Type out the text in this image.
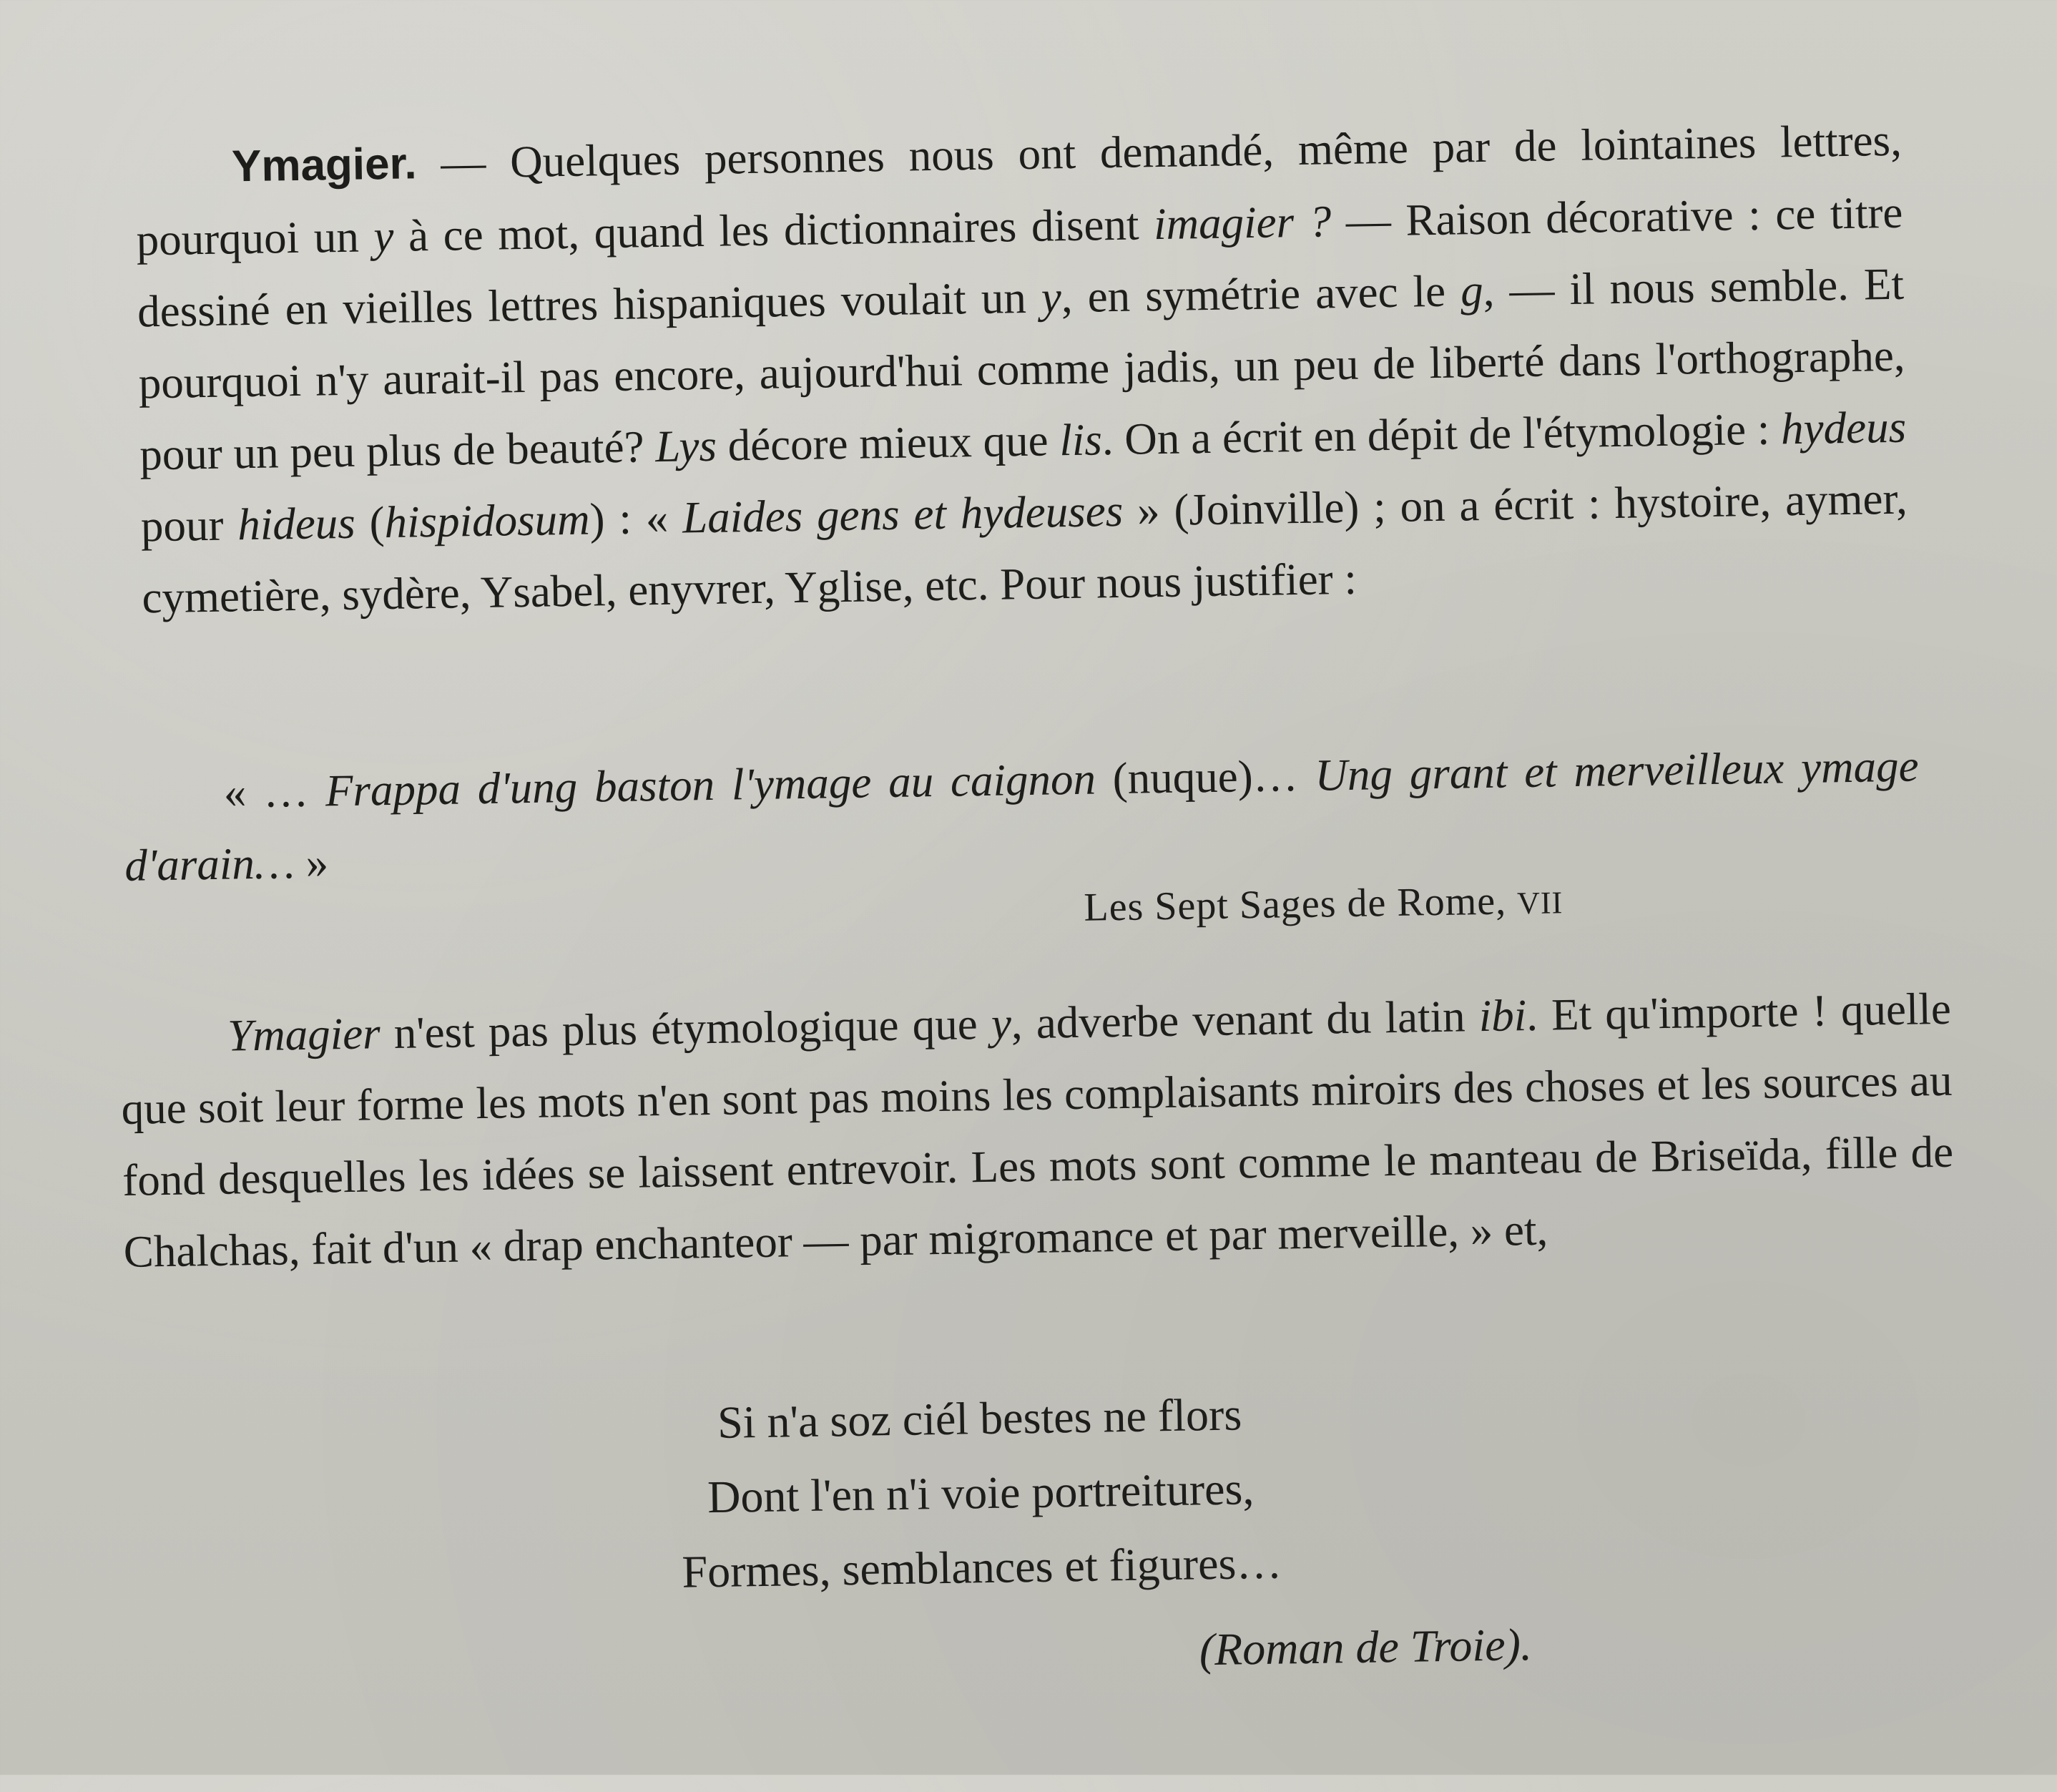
Ymagier. — Quelques personnes nous ont demandé, même par de lointaines lettres, pourquoi un y à ce mot, quand les dictionnaires disent imagier ? — Raison décorative : ce titre dessiné en vieilles lettres hispaniques voulait un y, en symétrie avec le g, — il nous semble. Et pourquoi n'y aurait-il pas encore, aujourd'hui comme jadis, un peu de liberté dans l'orthographe, pour un peu plus de beauté? Lys décore mieux que lis. On a écrit en dépit de l'étymologie : hydeus pour hideus (hispidosum) : « Laides gens et hydeuses » (Joinville) ; on a écrit : hystoire, aymer, cymetière, sydère, Ysabel, enyvrer, Yglise, etc. Pour nous justifier :

« … Frappa d'ung baston l'ymage au caignon (nuque)… Ung grant et merveilleux ymage d'arain… »

Les Sept Sages de Rome, VII

Ymagier n'est pas plus étymologique que y, adverbe venant du latin ibi. Et qu'importe ! quelle que soit leur forme les mots n'en sont pas moins les complaisants miroirs des choses et les sources au fond desquelles les idées se laissent entrevoir. Les mots sont comme le manteau de Briseïda, fille de Chalchas, fait d'un « drap enchanteor — par migromance et par merveille, » et,

Si n'a soz ciél bestes ne flors
Dont l'en n'i voie portreitures,
Formes, semblances et figures…
(Roman de Troie).
